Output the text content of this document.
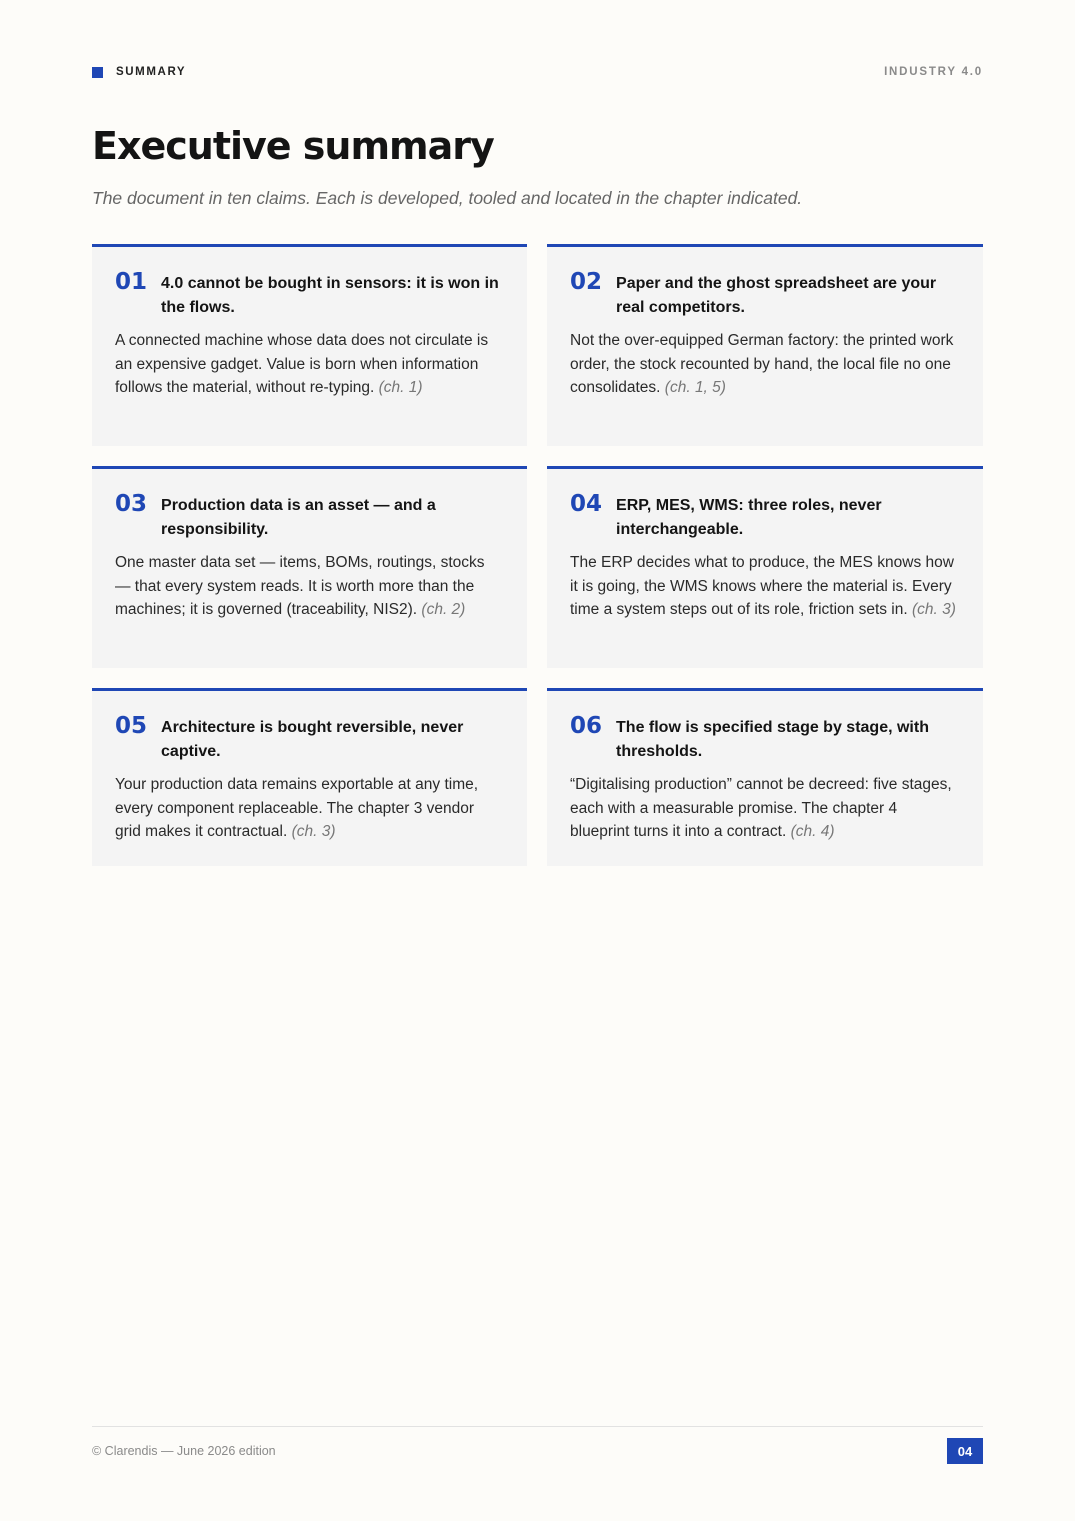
SUMMARY	INDUSTRY 4.0
Executive summary

The document in ten claims. Each is developed, tooled and located in the chapter indicated.

01 4.0 cannot be bought in sensors: it is won in the flows.
A connected machine whose data does not circulate is an expensive gadget. Value is born when information follows the material, without re-typing. (ch. 1)
02 Paper and the ghost spreadsheet are your real competitors.
Not the over-equipped German factory: the printed work order, the stock recounted by hand, the local file no one consolidates. (ch. 1, 5)
03 Production data is an asset — and a responsibility.
One master data set — items, BOMs, routings, stocks — that every system reads. It is worth more than the machines; it is governed (traceability, NIS2). (ch. 2)
04 ERP, MES, WMS: three roles, never interchangeable.
The ERP decides what to produce, the MES knows how it is going, the WMS knows where the material is. Every time a system steps out of its role, friction sets in. (ch. 3)
05 Architecture is bought reversible, never captive.
Your production data remains exportable at any time, every component replaceable. The chapter 3 vendor grid makes it contractual. (ch. 3)
06 The flow is specified stage by stage, with thresholds.
“Digitalising production” cannot be decreed: five stages, each with a measurable promise. The chapter 4 blueprint turns it into a contract. (ch. 4)
© Clarendis — June 2026 edition	04
